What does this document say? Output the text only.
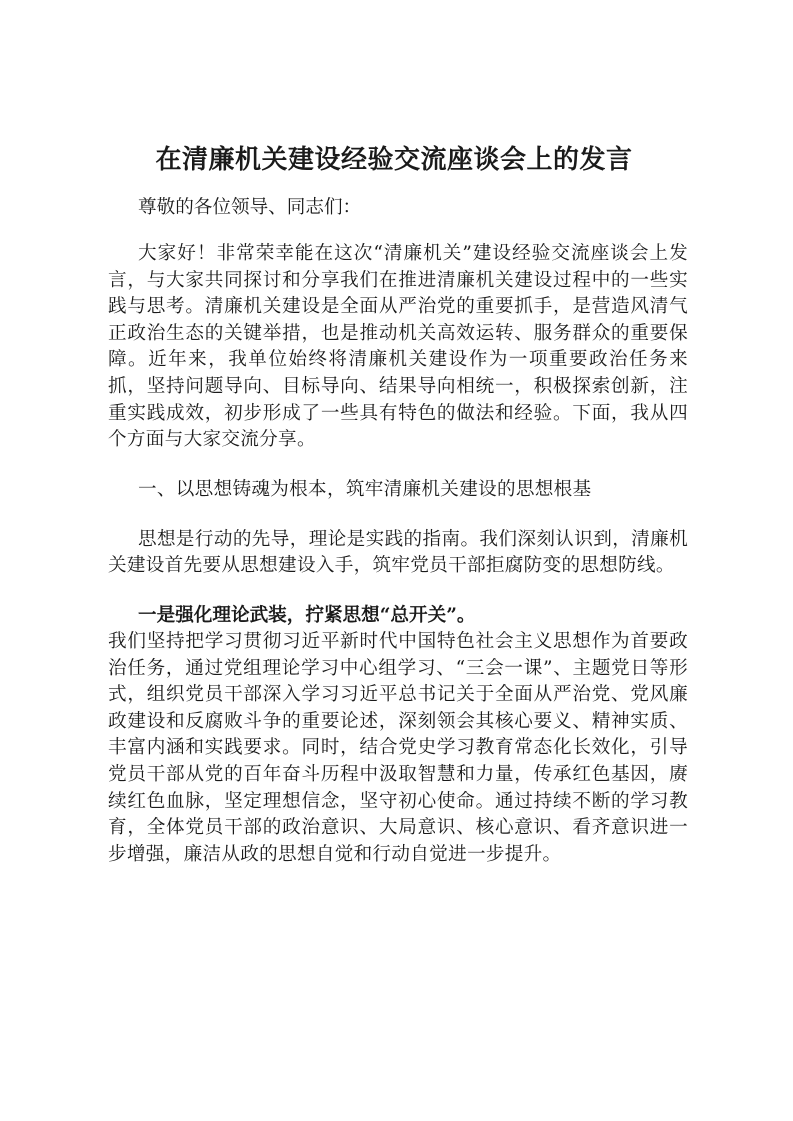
在清廉机关建设经验交流座谈会上的发言

尊敬的各位领导、同志们：

大家好！非常荣幸能在这次“清廉机关”建设经验交流座谈会上发言，与大家共同探讨和分享我们在推进清廉机关建设过程中的一些实践与思考。清廉机关建设是全面从严治党的重要抓手，是营造风清气正政治生态的关键举措，也是推动机关高效运转、服务群众的重要保障。近年来，我单位始终将清廉机关建设作为一项重要政治任务来抓，坚持问题导向、目标导向、结果导向相统一，积极探索创新，注重实践成效，初步形成了一些具有特色的做法和经验。下面，我从四个方面与大家交流分享。

一、以思想铸魂为根本，筑牢清廉机关建设的思想根基

思想是行动的先导，理论是实践的指南。我们深刻认识到，清廉机关建设首先要从思想建设入手，筑牢党员干部拒腐防变的思想防线。

一是强化理论武装，拧紧思想“总开关”。

我们坚持把学习贯彻习近平新时代中国特色社会主义思想作为首要政治任务，通过党组理论学习中心组学习、“三会一课”、主题党日等形式，组织党员干部深入学习习近平总书记关于全面从严治党、党风廉政建设和反腐败斗争的重要论述，深刻领会其核心要义、精神实质、丰富内涵和实践要求。同时，结合党史学习教育常态化长效化，引导党员干部从党的百年奋斗历程中汲取智慧和力量，传承红色基因，赓续红色血脉，坚定理想信念，坚守初心使命。通过持续不断的学习教育，全体党员干部的政治意识、大局意识、核心意识、看齐意识进一步增强，廉洁从政的思想自觉和行动自觉进一步提升。
